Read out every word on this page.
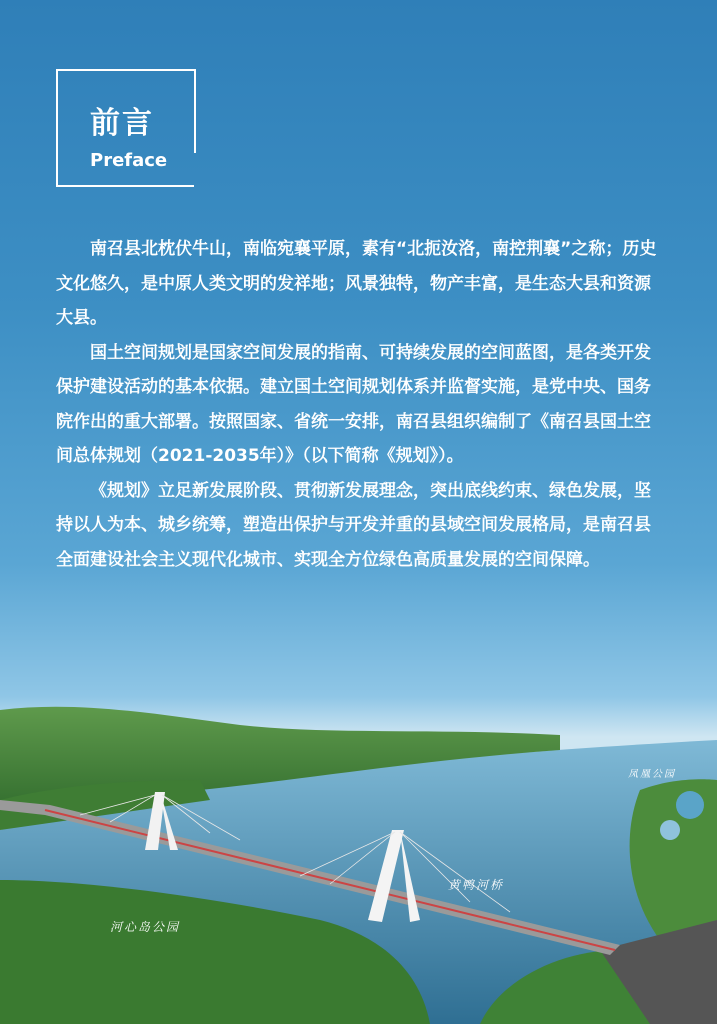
前言
Preface

南召县北枕伏牛山，南临宛襄平原，素有“北扼汝洛，南控荆襄”之称；历史文化悠久，是中原人类文明的发祥地；风景独特，物产丰富，是生态大县和资源大县。

国土空间规划是国家空间发展的指南、可持续发展的空间蓝图，是各类开发保护建设活动的基本依据。建立国土空间规划体系并监督实施，是党中央、国务院作出的重大部署。按照国家、省统一安排，南召县组织编制了《南召县国土空间总体规划（2021-2035年）》（以下简称《规划》）。

《规划》立足新发展阶段、贯彻新发展理念，突出底线约束、绿色发展，坚持以人为本、城乡统筹，塑造出保护与开发并重的县域空间发展格局，是南召县全面建设社会主义现代化城市、实现全方位绿色高质量发展的空间保障。

河心岛公园
黄鸭河桥
凤凰公园
